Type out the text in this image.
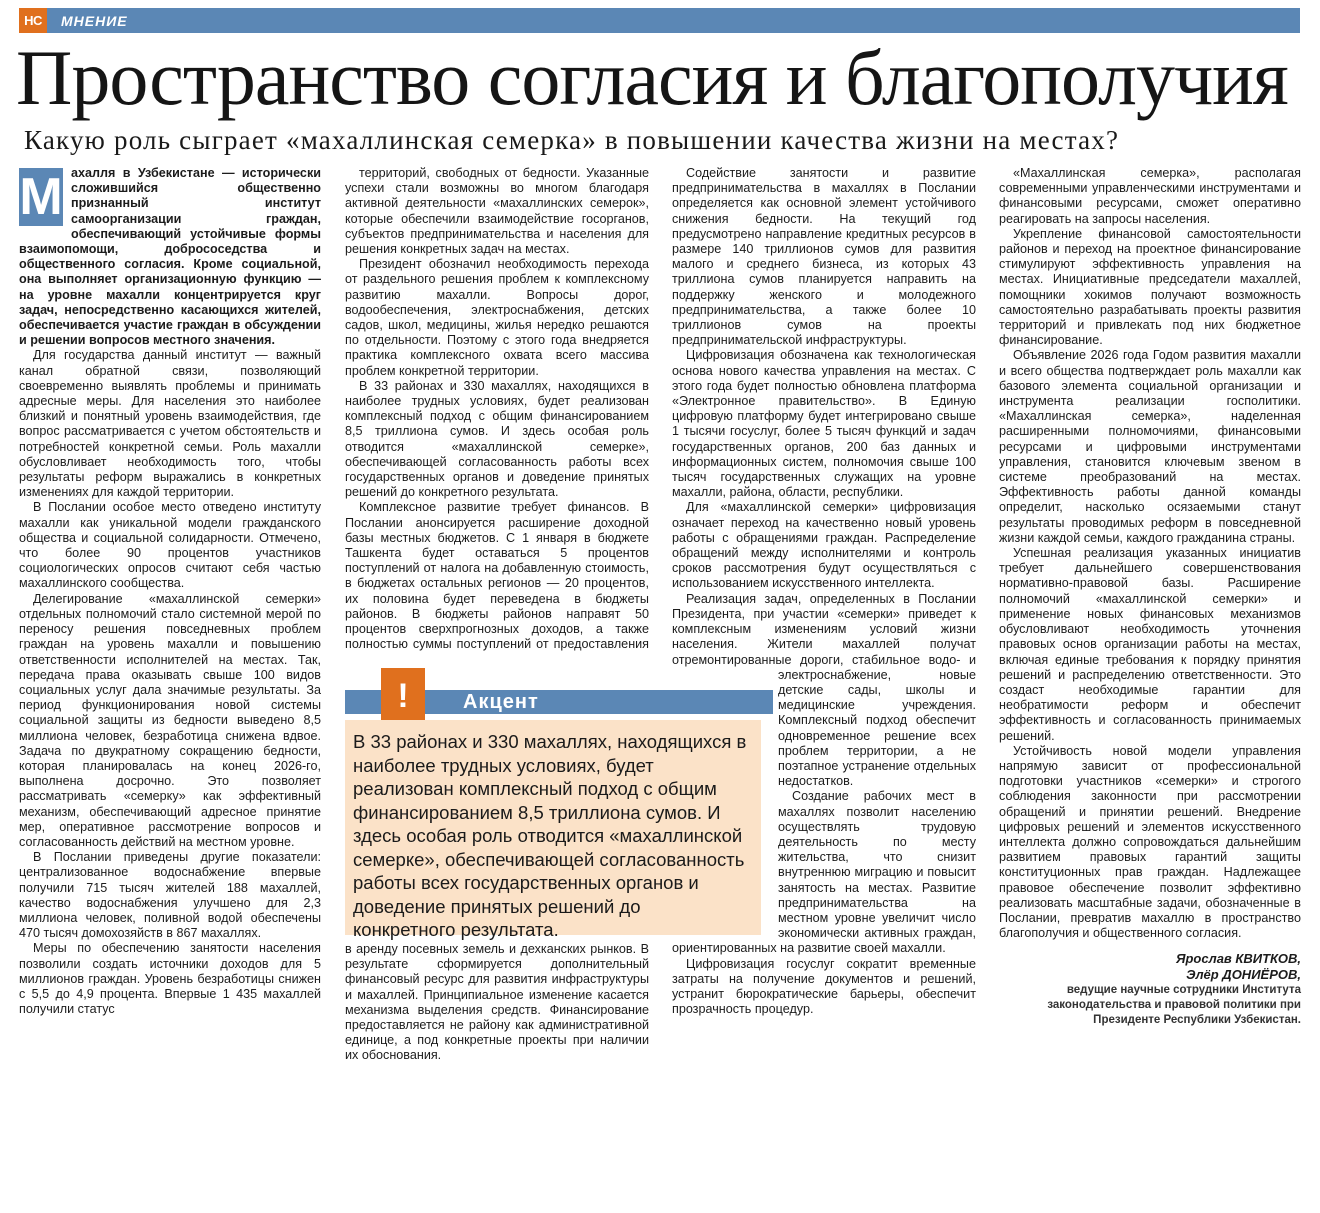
НС	МНЕНИЕ
Пространство согласия и благополучия
Какую роль сыграет «махаллинская семерка» в повышении качества жизни на местах?

М ахалля в Узбекистане — исторически сложившийся общественно признанный институт самоорганизации граждан, обеспечивающий устойчивые формы взаимопомощи, добрососедства и общественного согласия. Кроме социальной, она выполняет организационную функцию — на уровне махалли концентрируется круг задач, непосредственно касающихся жителей, обеспечивается участие граждан в обсуждении и решении вопросов местного значения.

Для государства данный институт — важный канал обратной связи, позволяющий своевременно выявлять проблемы и принимать адресные меры. Для населения это наиболее близкий и понятный уровень взаимодействия, где вопрос рассматривается с учетом обстоятельств и потребностей конкретной семьи. Роль махалли обусловливает необходимость того, чтобы результаты реформ выражались в конкретных изменениях для каждой территории.

В Послании особое место отведено институту махалли как уникальной модели гражданского общества и социальной солидарности. Отмечено, что более 90 процентов участников социологических опросов считают себя частью махаллинского сообщества.

Делегирование «махаллинской семерки» отдельных полномочий стало системной мерой по переносу решения повседневных проблем граждан на уровень махалли и повышению ответственности исполнителей на местах. Так, передача права оказывать свыше 100 видов социальных услуг дала значимые результаты. За период функционирования новой системы социальной защиты из бедности выведено 8,5 миллиона человек, безработица снижена вдвое. Задача по двукратному сокращению бедности, которая планировалась на конец 2026-го, выполнена досрочно. Это позволяет рассматривать «семерку» как эффективный механизм, обеспечивающий адресное принятие мер, оперативное рассмотрение вопросов и согласованность действий на местном уровне.

В Послании приведены другие показатели: централизованное водоснабжение впервые получили 715 тысяч жителей 188 махаллей, качество водоснабжения улучшено для 2,3 миллиона человек, поливной водой обеспечены 470 тысяч домохозяйств в 867 махаллях.

Меры по обеспечению занятости населения позволили создать источники доходов для 5 миллионов граждан. Уровень безработицы снижен с 5,5 до 4,9 процента. Впервые 1 435 махаллей получили статус

территорий, свободных от бедности. Указанные успехи стали возможны во многом благодаря активной деятельности «махаллинских семерок», которые обеспечили взаимодействие госорганов, субъектов предпринимательства и населения для решения конкретных задач на местах.

Президент обозначил необходимость перехода от раздельного решения проблем к комплексному развитию махалли. Вопросы дорог, водообеспечения, электроснабжения, детских садов, школ, медицины, жилья нередко решаются по отдельности. Поэтому с этого года внедряется практика комплексного охвата всего массива проблем конкретной территории.

В 33 районах и 330 махаллях, находящихся в наиболее трудных условиях, будет реализован комплексный подход с общим финансированием 8,5 триллиона сумов. И здесь особая роль отводится «махаллинской семерке», обеспечивающей согласованность работы всех государственных органов и доведение принятых решений до конкретного результата.

Комплексное развитие требует финансов. В Послании анонсируется расширение доходной базы местных бюджетов. С 1 января в бюджете Ташкента будет оставаться 5 процентов поступлений от налога на добавленную стоимость, в бюджетах остальных регионов — 20 процентов, их половина будет переведена в бюджеты районов. В бюджеты районов направят 50 процентов сверхпрогнозных доходов, а также полностью суммы поступлений от предоставления в аренду посевных земель и дехканских рынков. В результате сформируется дополнительный финансовый ресурс для развития инфраструктуры и махаллей. Принципиальное изменение касается механизма выделения средств. Финансирование предоставляется не району как административной единице, а под конкретные проекты при наличии их обоснования.

Содействие занятости и развитие предпринимательства в махаллях в Послании определяется как основной элемент устойчивого снижения бедности. На текущий год предусмотрено направление кредитных ресурсов в размере 140 триллионов сумов для развития малого и среднего бизнеса, из которых 43 триллиона сумов планируется направить на поддержку женского и молодежного предпринимательства, а также более 10 триллионов сумов на проекты предпринимательской инфраструктуры.

Цифровизация обозначена как технологическая основа нового качества управления на местах. С этого года будет полностью обновлена платформа «Электронное правительство». В Единую цифровую платформу будет интегрировано свыше 1 тысячи госуслуг, более 5 тысяч функций и задач государственных органов, 200 баз данных и информационных систем, полномочия свыше 100 тысяч государственных служащих на уровне махалли, района, области, республики.

Для «махаллинской семерки» цифровизация означает переход на качественно новый уровень работы с обращениями граждан. Распределение обращений между исполнителями и контроль сроков рассмотрения будут осуществляться с использованием искусственного интеллекта.

Реализация задач, определенных в Послании Президента, при участии «семерки» приведет к комплексным изменениям условий жизни населения. Жители махаллей получат отремонтированные дороги, стабильное водо- и электроснабжение, новые детские сады, школы и медицинские учреждения. Комплексный подход обеспечит одновременное решение всех проблем территории, а не поэтапное устранение отдельных недостатков.

Создание рабочих мест в махаллях позволит населению осуществлять трудовую деятельность по месту жительства, что снизит внутреннюю миграцию и повысит занятость на местах. Развитие предпринимательства на местном уровне увеличит число экономически активных граждан, ориентированных на развитие своей махалли.

Цифровизация госуслуг сократит временные затраты на получение документов и решений, устранит бюрократические барьеры, обеспечит прозрачность процедур.

«Махаллинская семерка», располагая современными управленческими инструментами и финансовыми ресурсами, сможет оперативно реагировать на запросы населения.

Укрепление финансовой самостоятельности районов и переход на проектное финансирование стимулируют эффективность управления на местах. Инициативные председатели махаллей, помощники хокимов получают возможность самостоятельно разрабатывать проекты развития территорий и привлекать под них бюджетное финансирование.

Объявление 2026 года Годом развития махалли и всего общества подтверждает роль махалли как базового элемента социальной организации и инструмента реализации госполитики. «Махаллинская семерка», наделенная расширенными полномочиями, финансовыми ресурсами и цифровыми инструментами управления, становится ключевым звеном в системе преобразований на местах. Эффективность работы данной команды определит, насколько осязаемыми станут результаты проводимых реформ в повседневной жизни каждой семьи, каждого гражданина страны.

Успешная реализация указанных инициатив требует дальнейшего совершенствования нормативно-правовой базы. Расширение полномочий «махаллинской семерки» и применение новых финансовых механизмов обусловливают необходимость уточнения правовых основ организации работы на местах, включая единые требования к порядку принятия решений и распределению ответственности. Это создаст необходимые гарантии для необратимости реформ и обеспечит эффективность и согласованность принимаемых решений.

Устойчивость новой модели управления напрямую зависит от профессиональной подготовки участников «семерки» и строгого соблюдения законности при рассмотрении обращений и принятии решений. Внедрение цифровых решений и элементов искусственного интеллекта должно сопровождаться дальнейшим развитием правовых гарантий защиты конституционных прав граждан. Надлежащее правовое обеспечение позволит эффективно реализовать масштабные задачи, обозначенные в Послании, превратив махаллю в пространство благополучия и общественного согласия.

Ярослав КВИТКОВ,
Элёр ДОНИЁРОВ,
ведущие научные сотрудники Института законодательства и правовой политики при Президенте Республики Узбекистан.
!	Акцент
В 33 районах и 330 махаллях, находящихся в наиболее трудных условиях, будет реализован комплексный подход с общим финансированием 8,5 триллиона сумов. И здесь особая роль отводится «махаллинской семерке», обеспечивающей согласованность работы всех государственных органов и доведение принятых решений до конкретного результата.
